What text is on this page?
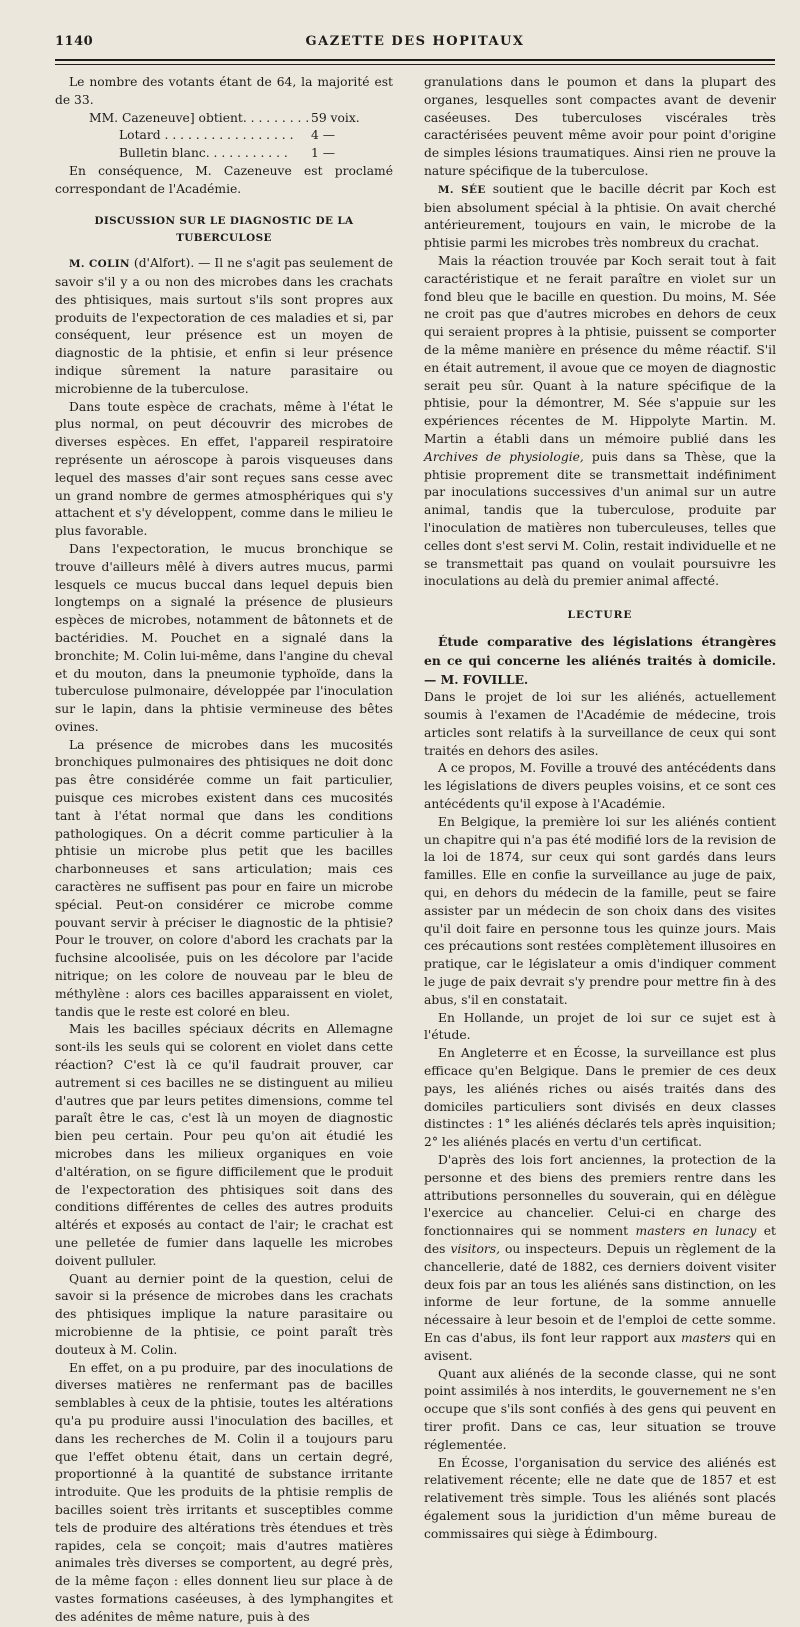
1140	GAZETTE DES HOPITAUX

Le nombre des votants étant de 64, la majorité est de 33.

MM. Cazeneuve] obtient. . . . . . . . . 59 voix.
Lotard . . . . . . . . . . . . . . . . . 4 —
Bulletin blanc. . . . . . . . . . . 1 —

En conséquence, M. Cazeneuve est proclamé correspondant de l'Académie.

DISCUSSION SUR LE DIAGNOSTIC DE LA TUBERCULOSE

M. COLIN (d'Alfort). — Il ne s'agit pas seulement de savoir s'il y a ou non des microbes dans les crachats des phtisiques, mais surtout s'ils sont propres aux produits de l'expectoration de ces maladies et si, par conséquent, leur présence est un moyen de diagnostic de la phtisie, et enfin si leur présence indique sûrement la nature parasitaire ou microbienne de la tuberculose.

Dans toute espèce de crachats, même à l'état le plus normal, on peut découvrir des microbes de diverses espèces. En effet, l'appareil respiratoire représente un aéroscope à parois visqueuses dans lequel des masses d'air sont reçues sans cesse avec un grand nombre de germes atmosphériques qui s'y attachent et s'y développent, comme dans le milieu le plus favorable.

Dans l'expectoration, le mucus bronchique se trouve d'ailleurs mêlé à divers autres mucus, parmi lesquels ce mucus buccal dans lequel depuis bien longtemps on a signalé la présence de plusieurs espèces de microbes, notamment de bâtonnets et de bactéridies. M. Pouchet en a signalé dans la bronchite; M. Colin lui-même, dans l'angine du cheval et du mouton, dans la pneumonie typhoïde, dans la tuberculose pulmonaire, développée par l'inoculation sur le lapin, dans la phtisie vermineuse des bêtes ovines.

La présence de microbes dans les mucosités bronchiques pulmonaires des phtisiques ne doit donc pas être considérée comme un fait particulier, puisque ces microbes existent dans ces mucosités tant à l'état normal que dans les conditions pathologiques. On a décrit comme particulier à la phtisie un microbe plus petit que les bacilles charbonneuses et sans articulation; mais ces caractères ne suffisent pas pour en faire un microbe spécial. Peut-on considérer ce microbe comme pouvant servir à préciser le diagnostic de la phtisie? Pour le trouver, on colore d'abord les crachats par la fuchsine alcoolisée, puis on les décolore par l'acide nitrique; on les colore de nouveau par le bleu de méthylène : alors ces bacilles apparaissent en violet, tandis que le reste est coloré en bleu.

Mais les bacilles spéciaux décrits en Allemagne sont-ils les seuls qui se colorent en violet dans cette réaction? C'est là ce qu'il faudrait prouver, car autrement si ces bacilles ne se distinguent au milieu d'autres que par leurs petites dimensions, comme tel paraît être le cas, c'est là un moyen de diagnostic bien peu certain. Pour peu qu'on ait étudié les microbes dans les milieux organiques en voie d'altération, on se figure difficilement que le produit de l'expectoration des phtisiques soit dans des conditions différentes de celles des autres produits altérés et exposés au contact de l'air; le crachat est une pelletée de fumier dans laquelle les microbes doivent pulluler.

Quant au dernier point de la question, celui de savoir si la présence de microbes dans les crachats des phtisiques implique la nature parasitaire ou microbienne de la phtisie, ce point paraît très douteux à M. Colin.

En effet, on a pu produire, par des inoculations de diverses matières ne renfermant pas de bacilles semblables à ceux de la phtisie, toutes les altérations qu'a pu produire aussi l'inoculation des bacilles, et dans les recherches de M. Colin il a toujours paru que l'effet obtenu était, dans un certain degré, proportionné à la quantité de substance irritante introduite. Que les produits de la phtisie remplis de bacilles soient très irritants et susceptibles comme tels de produire des altérations très étendues et très rapides, cela se conçoit; mais d'autres matières animales très diverses se comportent, au degré près, de la même façon : elles donnent lieu sur place à de vastes formations caséeuses, à des lymphangites et des adénites de même nature, puis à des

granulations dans le poumon et dans la plupart des organes, lesquelles sont compactes avant de devenir caséeuses. Des tuberculoses viscérales très caractérisées peuvent même avoir pour point d'origine de simples lésions traumatiques. Ainsi rien ne prouve la nature spécifique de la tuberculose.

M. SÉE soutient que le bacille décrit par Koch est bien absolument spécial à la phtisie. On avait cherché antérieurement, toujours en vain, le microbe de la phtisie parmi les microbes très nombreux du crachat.

Mais la réaction trouvée par Koch serait tout à fait caractéristique et ne ferait paraître en violet sur un fond bleu que le bacille en question. Du moins, M. Sée ne croit pas que d'autres microbes en dehors de ceux qui seraient propres à la phtisie, puissent se comporter de la même manière en présence du même réactif. S'il en était autrement, il avoue que ce moyen de diagnostic serait peu sûr. Quant à la nature spécifique de la phtisie, pour la démontrer, M. Sée s'appuie sur les expériences récentes de M. Hippolyte Martin. M. Martin a établi dans un mémoire publié dans les Archives de physiologie, puis dans sa Thèse, que la phtisie proprement dite se transmettait indéfiniment par inoculations successives d'un animal sur un autre animal, tandis que la tuberculose, produite par l'inoculation de matières non tuberculeuses, telles que celles dont s'est servi M. Colin, restait individuelle et ne se transmettait pas quand on voulait poursuivre les inoculations au delà du premier animal affecté.

LECTURE

Étude comparative des législations étrangères en ce qui concerne les aliénés traités à domicile. — M. FOVILLE.

Dans le projet de loi sur les aliénés, actuellement soumis à l'examen de l'Académie de médecine, trois articles sont relatifs à la surveillance de ceux qui sont traités en dehors des asiles.

A ce propos, M. Foville a trouvé des antécédents dans les législations de divers peuples voisins, et ce sont ces antécédents qu'il expose à l'Académie.

En Belgique, la première loi sur les aliénés contient un chapitre qui n'a pas été modifié lors de la revision de la loi de 1874, sur ceux qui sont gardés dans leurs familles. Elle en confie la surveillance au juge de paix, qui, en dehors du médecin de la famille, peut se faire assister par un médecin de son choix dans des visites qu'il doit faire en personne tous les quinze jours. Mais ces précautions sont restées complètement illusoires en pratique, car le législateur a omis d'indiquer comment le juge de paix devrait s'y prendre pour mettre fin à des abus, s'il en constatait.

En Hollande, un projet de loi sur ce sujet est à l'étude.

En Angleterre et en Écosse, la surveillance est plus efficace qu'en Belgique. Dans le premier de ces deux pays, les aliénés riches ou aisés traités dans des domiciles particuliers sont divisés en deux classes distinctes : 1° les aliénés déclarés tels après inquisition; 2° les aliénés placés en vertu d'un certificat.

D'après des lois fort anciennes, la protection de la personne et des biens des premiers rentre dans les attributions personnelles du souverain, qui en délègue l'exercice au chancelier. Celui-ci en charge des fonctionnaires qui se nomment masters en lunacy et des visitors, ou inspecteurs. Depuis un règlement de la chancellerie, daté de 1882, ces derniers doivent visiter deux fois par an tous les aliénés sans distinction, on les informe de leur fortune, de la somme annuelle nécessaire à leur besoin et de l'emploi de cette somme. En cas d'abus, ils font leur rapport aux masters qui en avisent.

Quant aux aliénés de la seconde classe, qui ne sont point assimilés à nos interdits, le gouvernement ne s'en occupe que s'ils sont confiés à des gens qui peuvent en tirer profit. Dans ce cas, leur situation se trouve réglementée.

En Écosse, l'organisation du service des aliénés est relativement récente; elle ne date que de 1857 et est relativement très simple. Tous les aliénés sont placés également sous la juridiction d'un même bureau de commissaires qui siège à Édimbourg.
